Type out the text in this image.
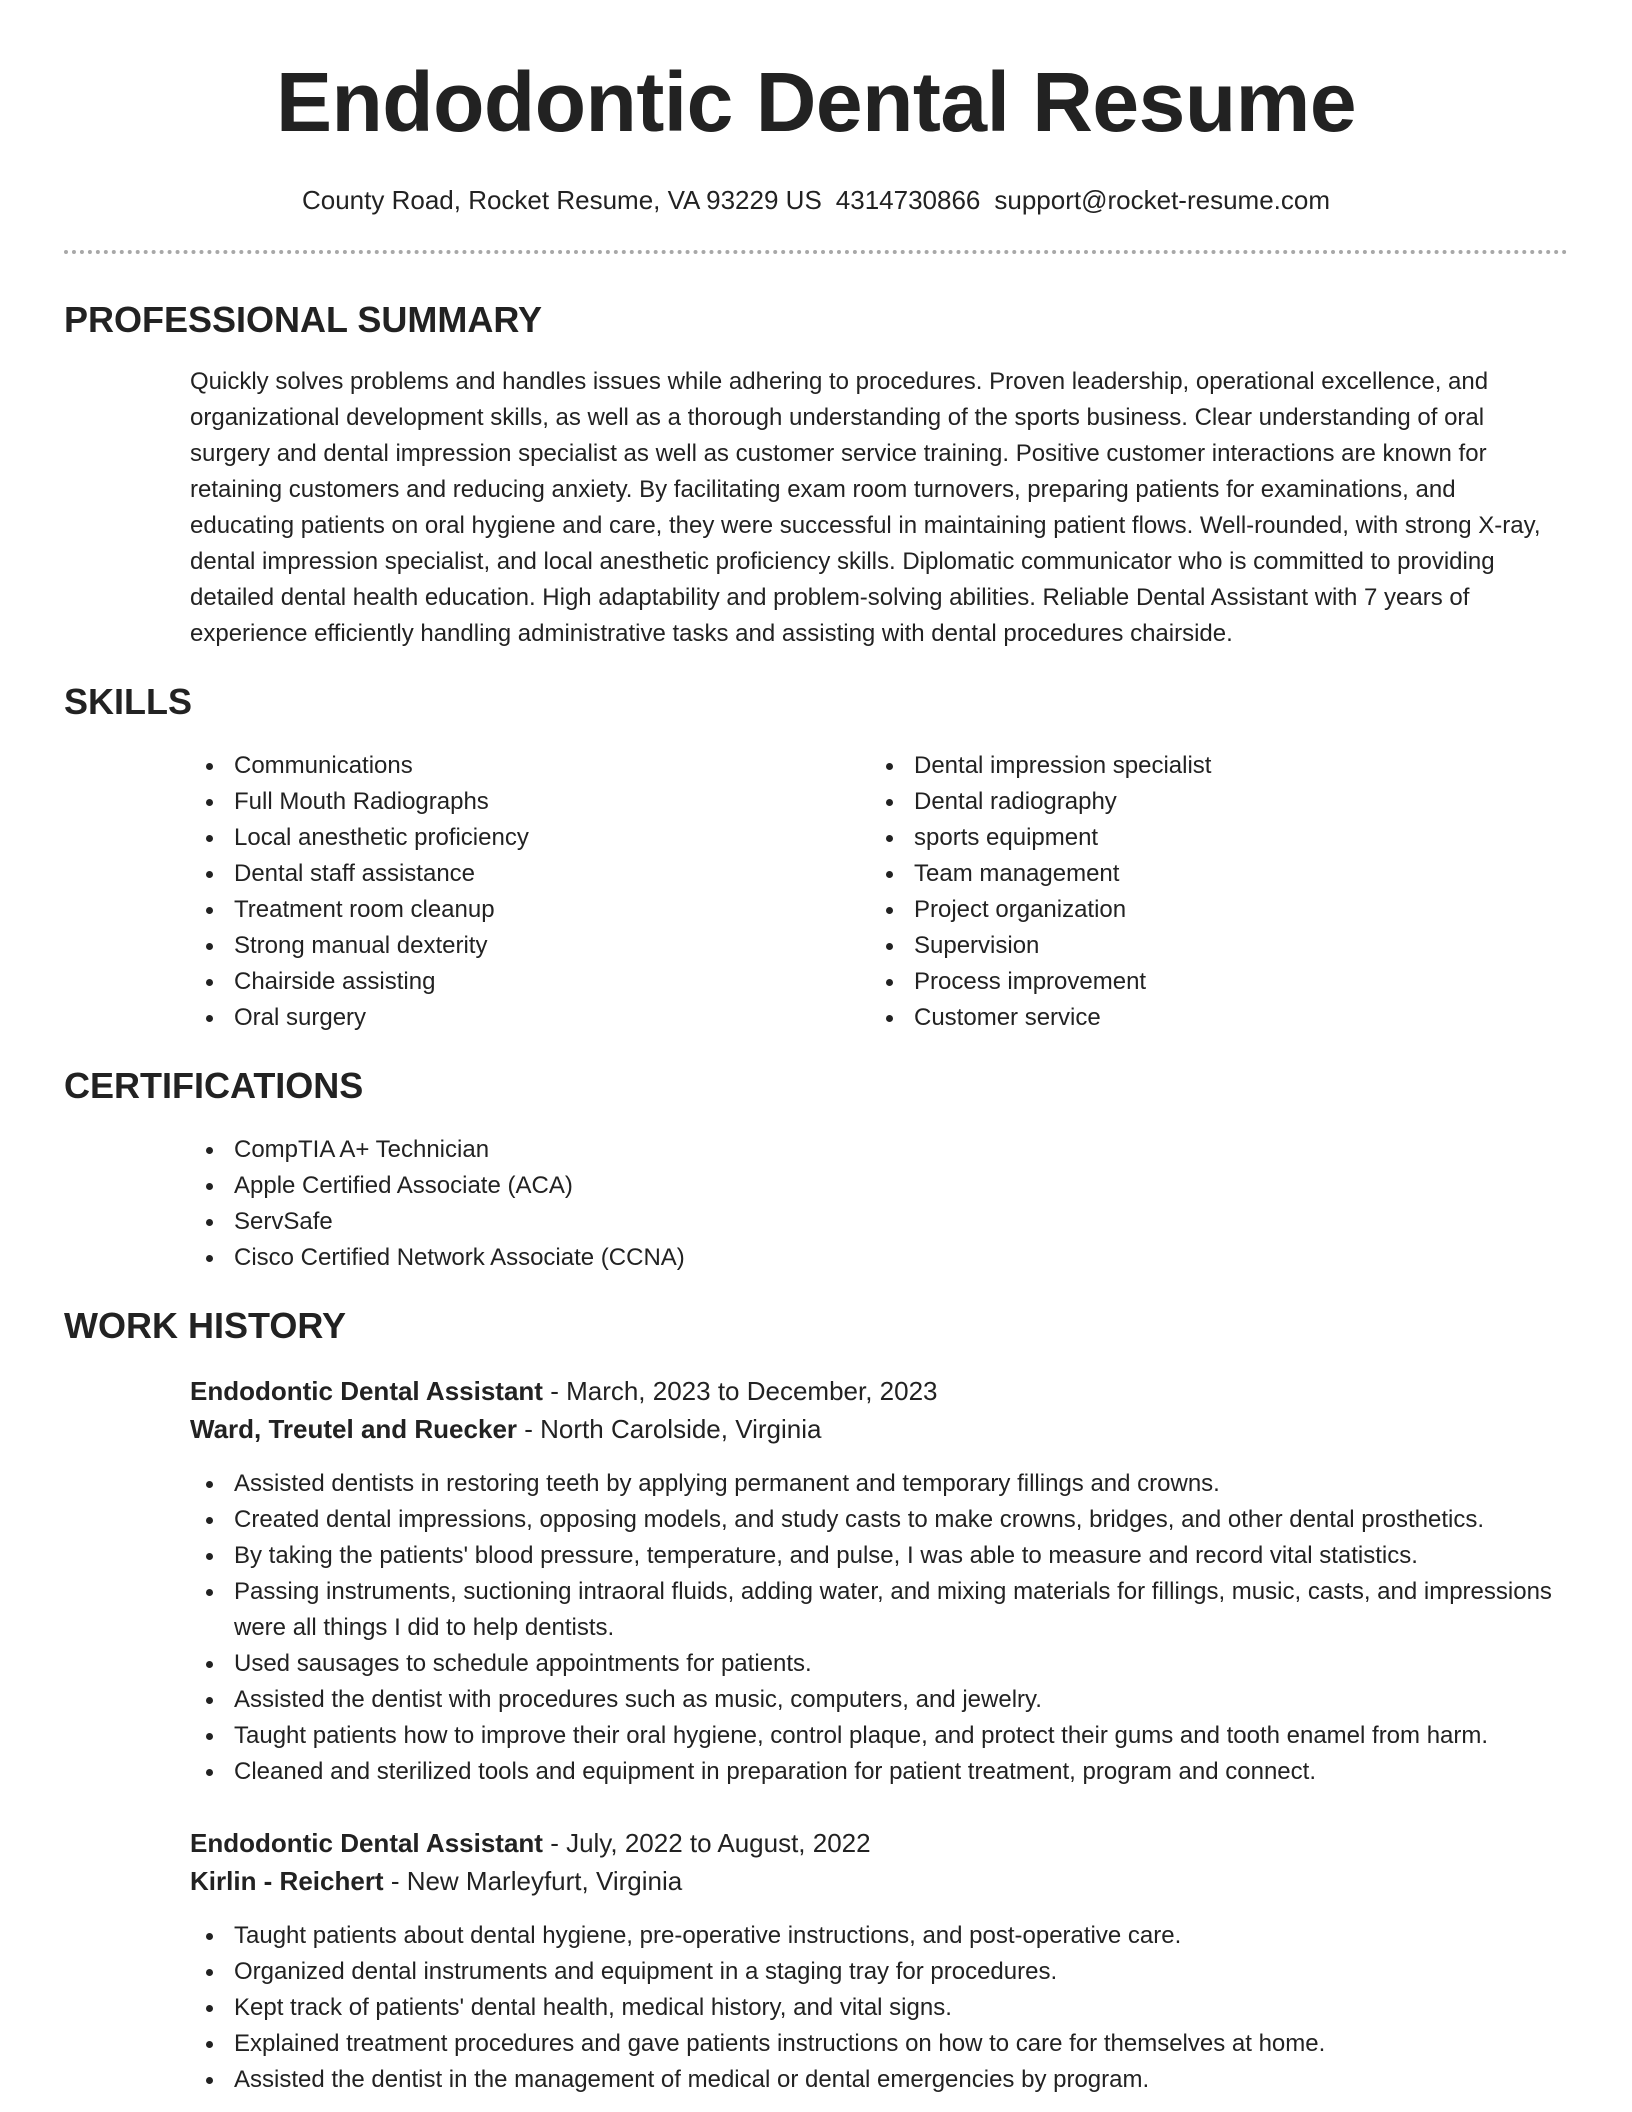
Endodontic Dental Resume
County Road, Rocket Resume, VA 93229 US 4314730866 support@rocket-resume.com
PROFESSIONAL SUMMARY

Quickly solves problems and handles issues while adhering to procedures. Proven leadership, operational excellence, and organizational development skills, as well as a thorough understanding of the sports business. Clear understanding of oral surgery and dental impression specialist as well as customer service training. Positive customer interactions are known for retaining customers and reducing anxiety. By facilitating exam room turnovers, preparing patients for examinations, and educating patients on oral hygiene and care, they were successful in maintaining patient flows. Well-rounded, with strong X-ray, dental impression specialist, and local anesthetic proficiency skills. Diplomatic communicator who is committed to providing detailed dental health education. High adaptability and problem-solving abilities. Reliable Dental Assistant with 7 years of experience efficiently handling administrative tasks and assisting with dental procedures chairside.

SKILLS
Communications
Full Mouth Radiographs
Local anesthetic proficiency
Dental staff assistance
Treatment room cleanup
Strong manual dexterity
Chairside assisting
Oral surgery
Dental impression specialist
Dental radiography
sports equipment
Team management
Project organization
Supervision
Process improvement
Customer service
CERTIFICATIONS
CompTIA A+ Technician
Apple Certified Associate (ACA)
ServSafe
Cisco Certified Network Associate (CCNA)
WORK HISTORY
Endodontic Dental Assistant - March, 2023 to December, 2023
Ward, Treutel and Ruecker - North Carolside, Virginia
Assisted dentists in restoring teeth by applying permanent and temporary fillings and crowns.
Created dental impressions, opposing models, and study casts to make crowns, bridges, and other dental prosthetics.
By taking the patients' blood pressure, temperature, and pulse, I was able to measure and record vital statistics.
Passing instruments, suctioning intraoral fluids, adding water, and mixing materials for fillings, music, casts, and impressions were all things I did to help dentists.
Used sausages to schedule appointments for patients.
Assisted the dentist with procedures such as music, computers, and jewelry.
Taught patients how to improve their oral hygiene, control plaque, and protect their gums and tooth enamel from harm.
Cleaned and sterilized tools and equipment in preparation for patient treatment, program and connect.
Endodontic Dental Assistant - July, 2022 to August, 2022
Kirlin - Reichert - New Marleyfurt, Virginia
Taught patients about dental hygiene, pre-operative instructions, and post-operative care.
Organized dental instruments and equipment in a staging tray for procedures.
Kept track of patients' dental health, medical history, and vital signs.
Explained treatment procedures and gave patients instructions on how to care for themselves at home.
Assisted the dentist in the management of medical or dental emergencies by program.
